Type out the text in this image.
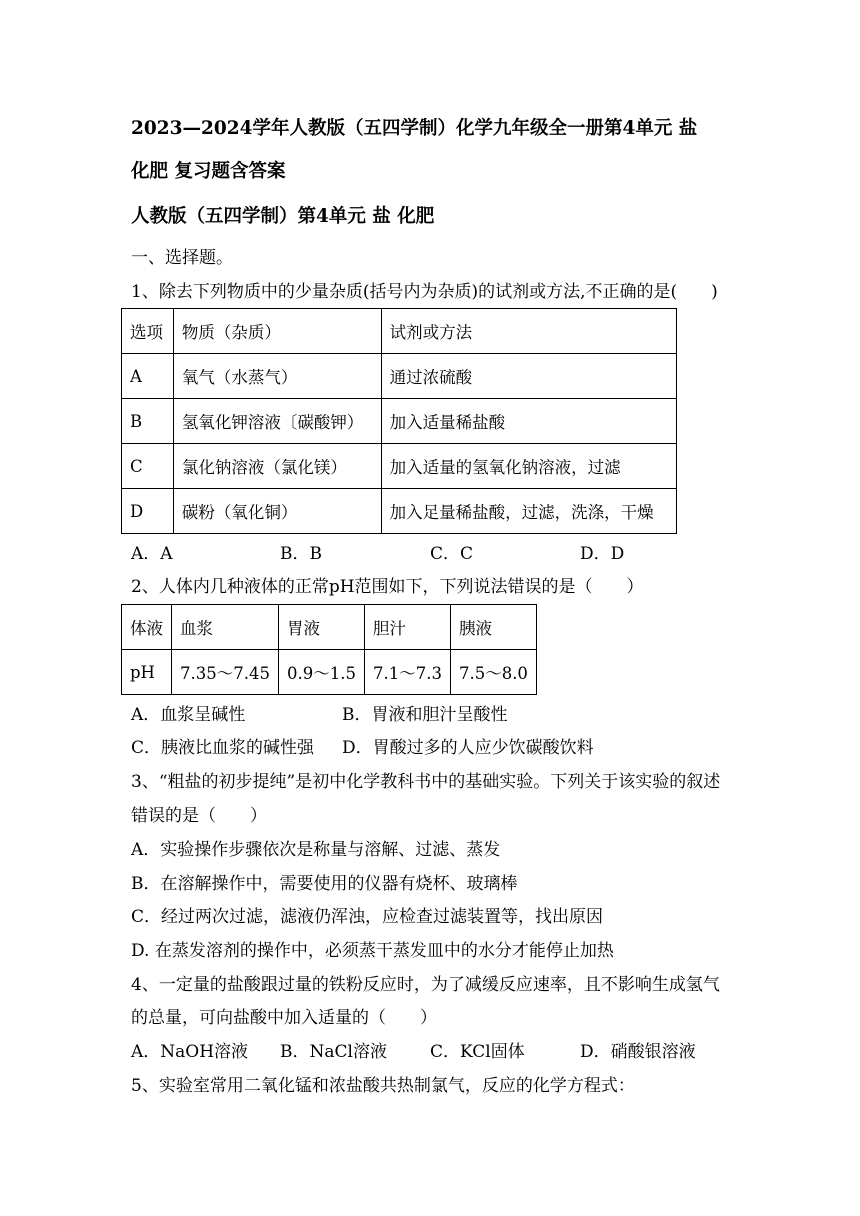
2023—2024学年人教版（五四学制）化学九年级全一册第4单元 盐
化肥 复习题含答案
人教版（五四学制）第4单元 盐 化肥
一、选择题。
1、除去下列物质中的少量杂质(括号内为杂质)的试剂或方法,不正确的是(　　)
选项	物质（杂质）	试剂或方法
A	氧气（水蒸气）	通过浓硫酸
B	氢氧化钾溶液〔碳酸钾）	加入适量稀盐酸
C	氯化钠溶液（氯化镁）	加入适量的氢氧化钠溶液，过滤
D	碳粉（氧化铜）	加入足量稀盐酸，过滤，洗涤，干燥
A．A	B．B	C．C	D．D
2、人体内几种液体的正常pH范围如下，下列说法错误的是（　　）
体液	血浆	胃液	胆汁	胰液
pH	7.35～7.45	0.9～1.5	7.1～7.3	7.5～8.0
A．血浆呈碱性	B．胃液和胆汁呈酸性
C．胰液比血浆的碱性强 D．胃酸过多的人应少饮碳酸饮料
3、“粗盐的初步提纯”是初中化学教科书中的基础实验。下列关于该实验的叙述
错误的是（　　）
A．实验操作步骤依次是称量与溶解、过滤、蒸发
B．在溶解操作中，需要使用的仪器有烧杯、玻璃棒
C．经过两次过滤，滤液仍浑浊，应检查过滤装置等，找出原因
D. 在蒸发溶剂的操作中，必须蒸干蒸发皿中的水分才能停止加热
4、一定量的盐酸跟过量的铁粉反应时，为了减缓反应速率，且不影响生成氢气
的总量，可向盐酸中加入适量的（　　）
A．NaOH溶液 B．NaCl溶液	C．KCl固体	D．硝酸银溶液
5、实验室常用二氧化锰和浓盐酸共热制氯气，反应的化学方程式：
